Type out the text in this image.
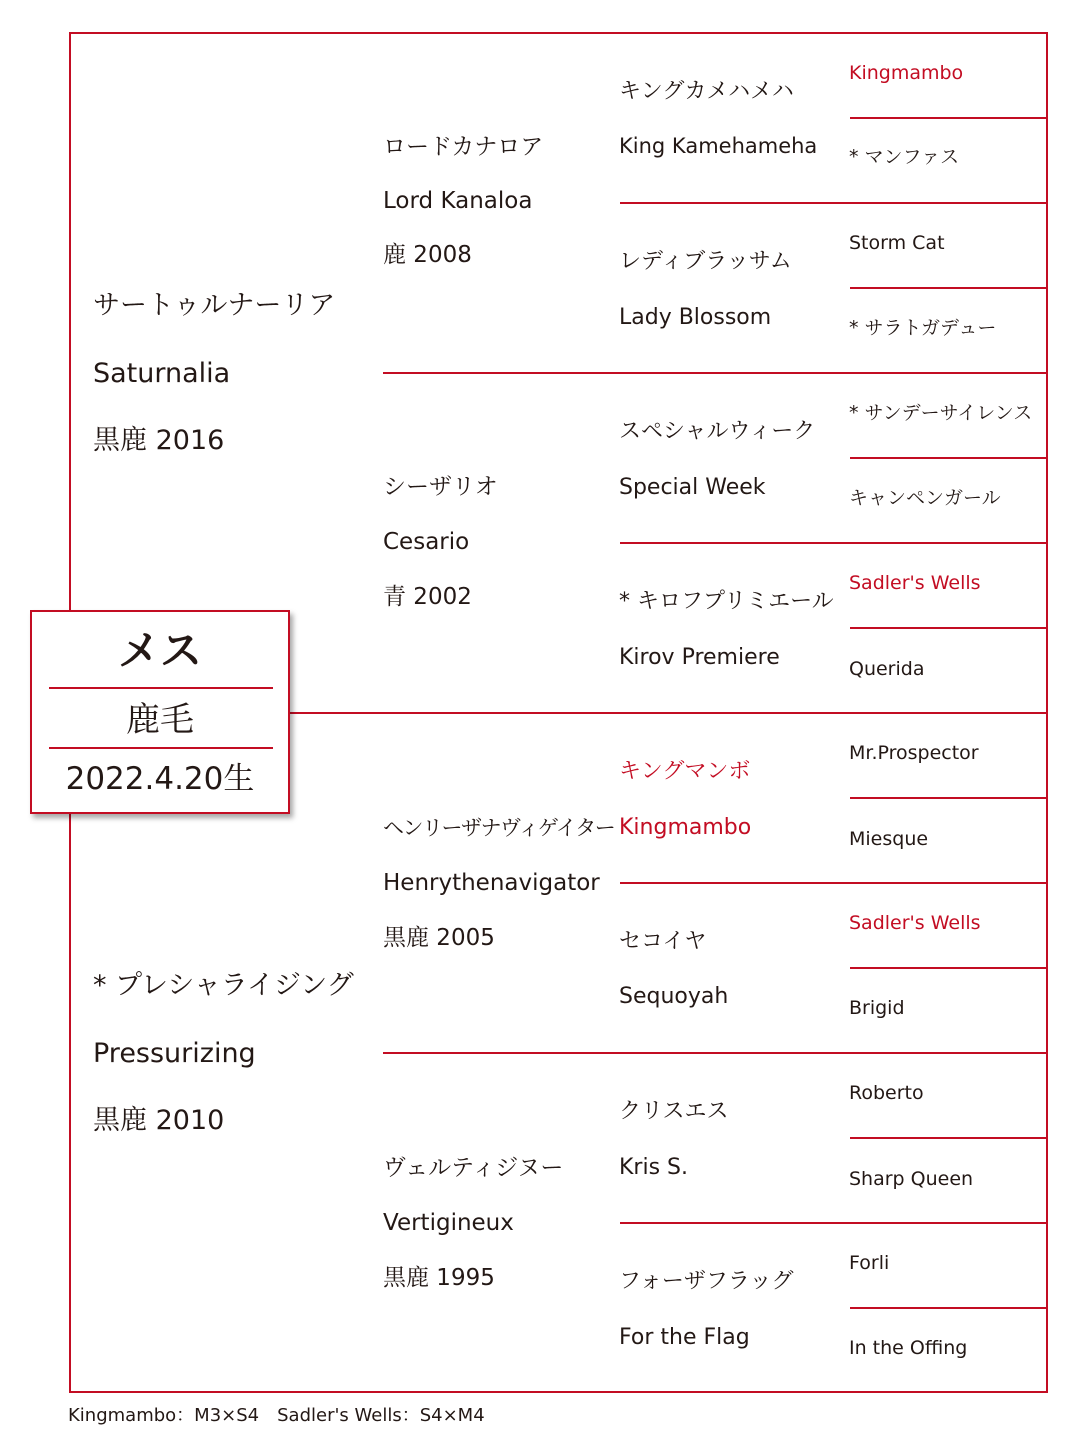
サートゥルナーリア
Saturnalia
黒鹿 2016
* プレシャライジング
Pressurizing
黒鹿 2010
ロードカナロア
Lord Kanaloa
鹿 2008
シーザリオ
Cesario
青 2002
ヘンリーザナヴィゲイター
Henrythenavigator
黒鹿 2005
ヴェルティジヌー
Vertigineux
黒鹿 1995
キングカメハメハ
King Kamehameha
レディブラッサム
Lady Blossom
スペシャルウィーク
Special Week
* キロフプリミエール
Kirov Premiere
キングマンボ
Kingmambo
セコイヤ
Sequoyah
クリスエス
Kris S.
フォーザフラッグ
For the Flag
Kingmambo
* マンファス
Storm Cat
* サラトガデュー
* サンデーサイレンス
キャンペンガール
Sadler's Wells
Querida
Mr.Prospector
Miesque
Sadler's Wells
Brigid
Roberto
Sharp Queen
Forli
In the Offing
メス
鹿毛
2022.4.20生
Kingmambo：M3×S4　Sadler's Wells：S4×M4
